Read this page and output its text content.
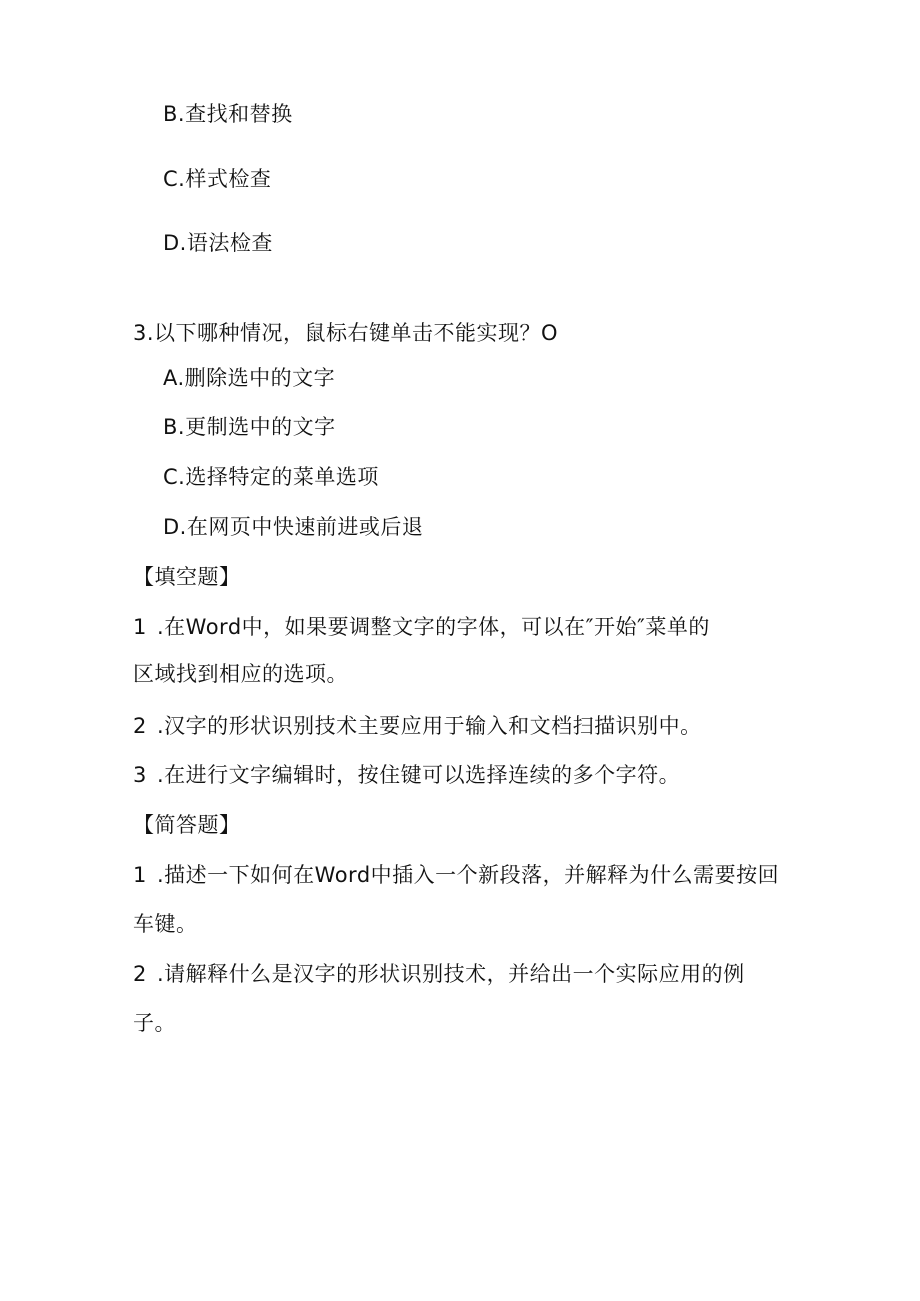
B.查找和替换
C.样式检查
D.语法检查
3.以下哪种情况，鼠标右键单击不能实现？O
A.删除选中的文字
B.更制选中的文字
C.选择特定的菜单选项
D.在网页中快速前进或后退
【填空题】
1 .在Word中，如果要调整文字的字体，可以在″开始″菜单的
区域找到相应的选项。
2 .汉字的形状识别技术主要应用于输入和文档扫描识别中。
3 .在进行文字编辑时，按住键可以选择连续的多个字符。
【简答题】
1 .描述一下如何在Word中插入一个新段落，并解释为什么需要按回
车键。
2 .请解释什么是汉字的形状识别技术，并给出一个实际应用的例
子。
